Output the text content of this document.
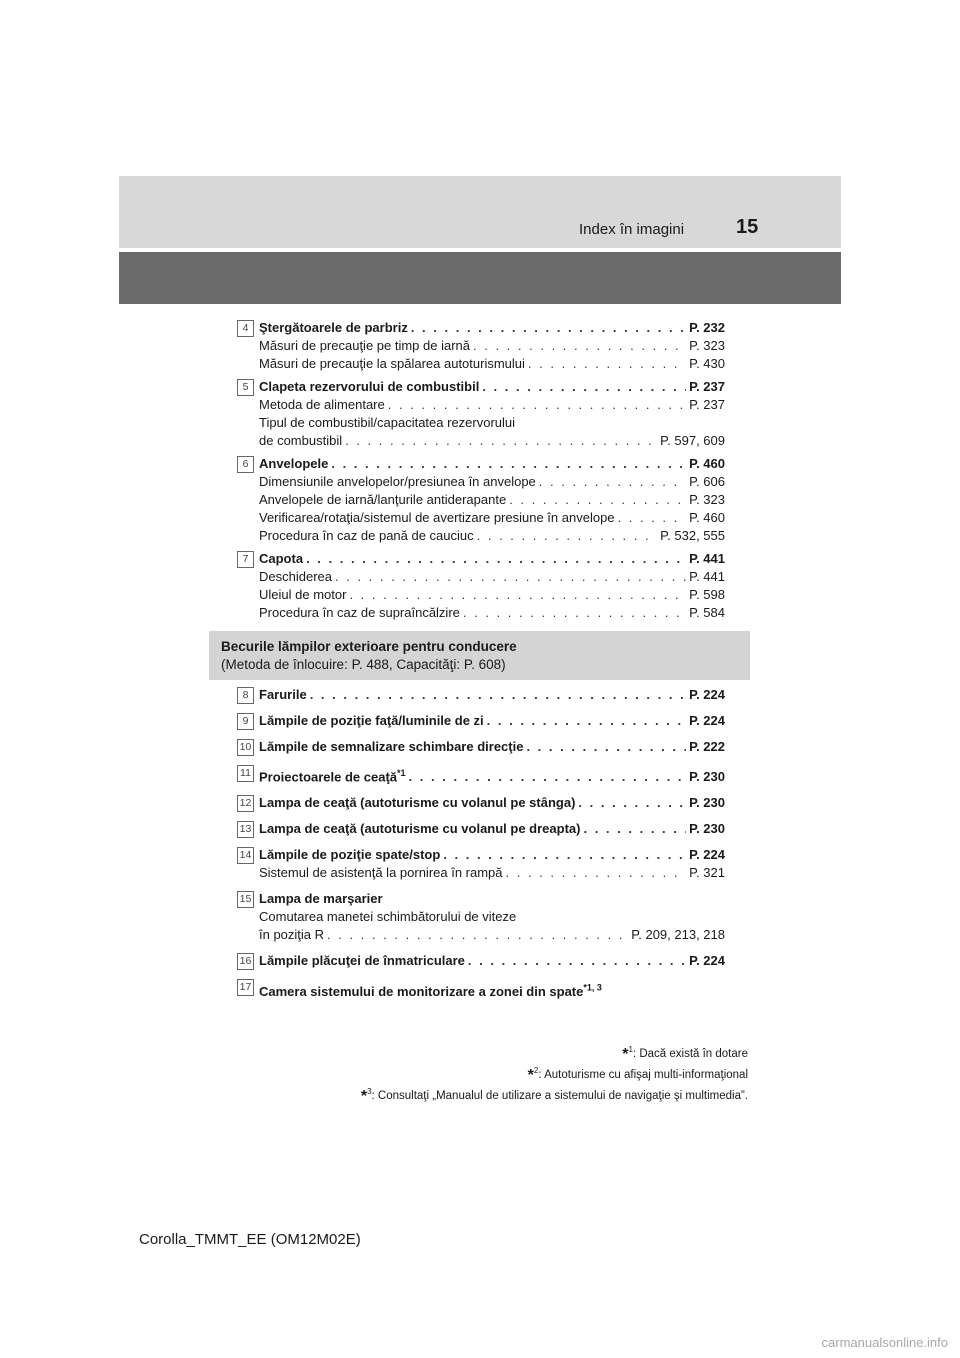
Index în imagini	15
4 Ştergătoarele de parbriz . . .	P. 232
Măsuri de precauţie pe timp de iarnă . . .	P. 323
Măsuri de precauţie la spălarea autoturismului . . .	P. 430
5 Clapeta rezervorului de combustibil . . .	P. 237
Metoda de alimentare . . .	P. 237
Tipul de combustibil/capacitatea rezervorului
de combustibil . . .	P. 597, 609
6 Anvelopele . . .	P. 460
Dimensiunile anvelopelor/presiunea în anvelope . . .	P. 606
Anvelopele de iarnă/lanţurile antiderapante . . .	P. 323
Verificarea/rotaţia/sistemul de avertizare presiune în anvelope . . .	P. 460
Procedura în caz de pană de cauciuc . . .	P. 532, 555
7 Capota . . .	P. 441
Deschiderea . . .	P. 441
Uleiul de motor . . .	P. 598
Procedura în caz de supraîncălzire . . .	P. 584
Becurile lămpilor exterioare pentru conducere
(Metoda de înlocuire: P. 488, Capacităţi: P. 608)
8 Farurile . . .	P. 224
9 Lămpile de poziţie faţă/luminile de zi . . .	P. 224
10 Lămpile de semnalizare schimbare direcţie . . .	P. 222
11 Proiectoarele de ceaţă$^{*1}$ . . .	P. 230
12 Lampa de ceaţă (autoturisme cu volanul pe stânga) . . .	P. 230
13 Lampa de ceaţă (autoturisme cu volanul pe dreapta) . . .	P. 230
14 Lămpile de poziţie spate/stop . . .	P. 224
Sistemul de asistenţă la pornirea în rampă . . .	P. 321
15 Lampa de marşarier
Comutarea manetei schimbătorului de viteze
în poziţia R . . .	P. 209, 213, 218
16 Lămpile plăcuţei de înmatriculare . . .	P. 224
17 Camera sistemului de monitorizare a zonei din spate$^{*1, 3}$
*$^1$: Dacă există în dotare
*$^2$: Autoturisme cu afişaj multi-informaţional
*$^3$: Consultaţi „Manualul de utilizare a sistemului de navigaţie şi multimedia”.
Corolla_TMMT_EE (OM12M02E)
carmanualsonline.info
